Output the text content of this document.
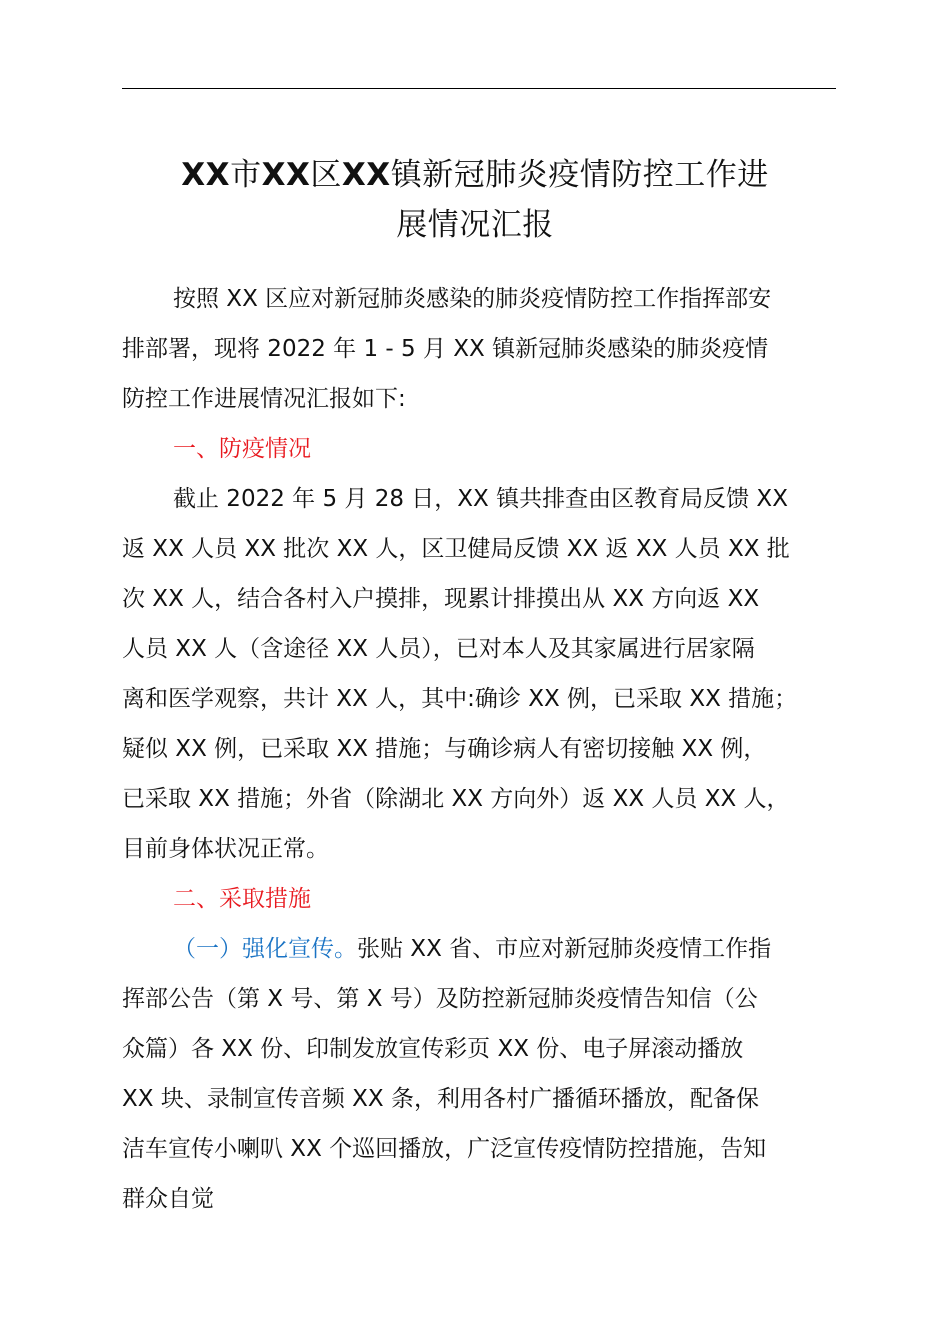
XX市XX区XX镇新冠肺炎疫情防控工作进
展情况汇报

按照 XX 区应对新冠肺炎感染的肺炎疫情防控工作指挥部安
排部署，现将 2022 年 1 - 5 月 XX 镇新冠肺炎感染的肺炎疫情
防控工作进展情况汇报如下:

一、防疫情况

截止 2022 年 5 月 28 日，XX 镇共排查由区教育局反馈 XX
返 XX 人员 XX 批次 XX 人，区卫健局反馈 XX 返 XX 人员 XX 批
次 XX 人，结合各村入户摸排，现累计排摸出从 XX 方向返 XX
人员 XX 人（含途径 XX 人员），已对本人及其家属进行居家隔
离和医学观察，共计 XX 人，其中:确诊 XX 例，已采取 XX 措施；
疑似 XX 例，已采取 XX 措施；与确诊病人有密切接触 XX 例，
已采取 XX 措施；外省（除湖北 XX 方向外）返 XX 人员 XX 人，
目前身体状况正常。

二、采取措施

（一）强化宣传。张贴 XX 省、市应对新冠肺炎疫情工作指
挥部公告（第 X 号、第 X 号）及防控新冠肺炎疫情告知信（公
众篇）各 XX 份、印制发放宣传彩页 XX 份、电子屏滚动播放
XX 块、录制宣传音频 XX 条，利用各村广播循环播放，配备保
洁车宣传小喇叭 XX 个巡回播放，广泛宣传疫情防控措施，告知
群众自觉
